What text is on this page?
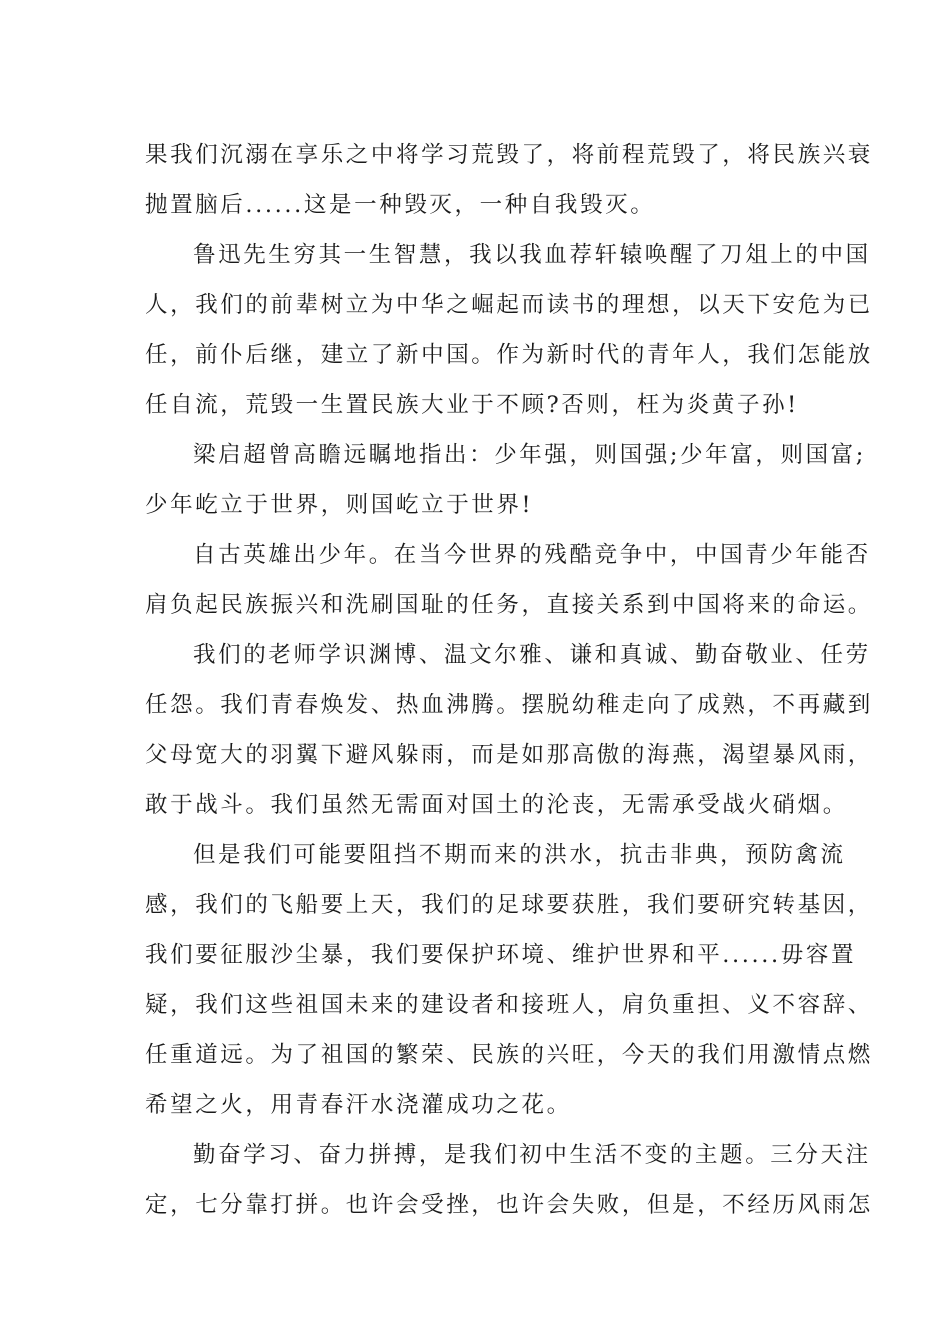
果我们沉溺在享乐之中将学习荒毁了，将前程荒毁了，将民族兴衰
抛置脑后......这是一种毁灭，一种自我毁灭。
鲁迅先生穷其一生智慧，我以我血荐轩辕唤醒了刀俎上的中国
人，我们的前辈树立为中华之崛起而读书的理想，以天下安危为已
任，前仆后继，建立了新中国。作为新时代的青年人，我们怎能放
任自流，荒毁一生置民族大业于不顾?否则，枉为炎黄子孙!
梁启超曾高瞻远瞩地指出：少年强，则国强;少年富，则国富;
少年屹立于世界，则国屹立于世界!
自古英雄出少年。在当今世界的残酷竞争中，中国青少年能否
肩负起民族振兴和洗刷国耻的任务，直接关系到中国将来的命运。
我们的老师学识渊博、温文尔雅、谦和真诚、勤奋敬业、任劳
任怨。我们青春焕发、热血沸腾。摆脱幼稚走向了成熟，不再藏到
父母宽大的羽翼下避风躲雨，而是如那高傲的海燕，渴望暴风雨，
敢于战斗。我们虽然无需面对国土的沦丧，无需承受战火硝烟。
但是我们可能要阻挡不期而来的洪水，抗击非典，预防禽流
感，我们的飞船要上天，我们的足球要获胜，我们要研究转基因，
我们要征服沙尘暴，我们要保护环境、维护世界和平......毋容置
疑，我们这些祖国未来的建设者和接班人，肩负重担、义不容辞、
任重道远。为了祖国的繁荣、民族的兴旺，今天的我们用激情点燃
希望之火，用青春汗水浇灌成功之花。
勤奋学习、奋力拼搏，是我们初中生活不变的主题。三分天注
定，七分靠打拼。也许会受挫，也许会失败，但是，不经历风雨怎
